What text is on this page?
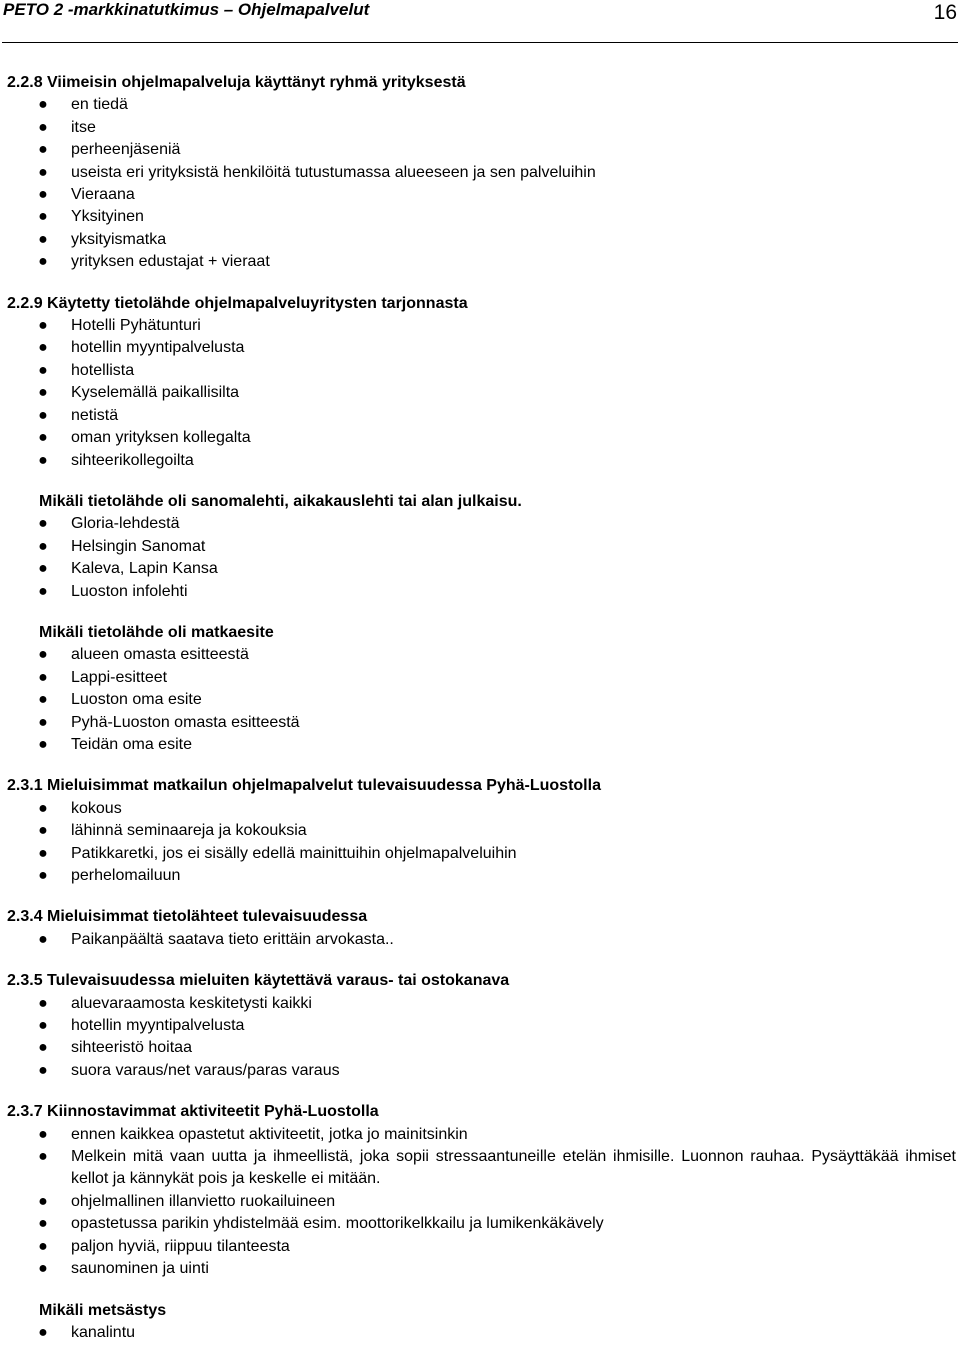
PETO 2 -markkinatutkimus – Ohjelmapalvelut	16
2.2.8 Viimeisin ohjelmapalveluja käyttänyt ryhmä yrityksestä
● en tiedä
● itse
● perheenjäseniä
● useista eri yrityksistä henkilöitä tutustumassa alueeseen ja sen palveluihin
● Vieraana
● Yksityinen
● yksityismatka
● yrityksen edustajat + vieraat
2.2.9 Käytetty tietolähde ohjelmapalveluyritysten tarjonnasta
● Hotelli Pyhätunturi
● hotellin myyntipalvelusta
● hotellista
● Kyselemällä paikallisilta
● netistä
● oman yrityksen kollegalta
● sihteerikollegoilta
Mikäli tietolähde oli sanomalehti, aikakauslehti tai alan julkaisu.
● Gloria-lehdestä
● Helsingin Sanomat
● Kaleva, Lapin Kansa
● Luoston infolehti
Mikäli tietolähde oli matkaesite
● alueen omasta esitteestä
● Lappi-esitteet
● Luoston oma esite
● Pyhä-Luoston omasta esitteestä
● Teidän oma esite
2.3.1 Mieluisimmat matkailun ohjelmapalvelut tulevaisuudessa Pyhä-Luostolla
● kokous
● lähinnä seminaareja ja kokouksia
● Patikkaretki, jos ei sisälly edellä mainittuihin ohjelmapalveluihin
● perhelomailuun
2.3.4 Mieluisimmat tietolähteet tulevaisuudessa
● Paikanpäältä saatava tieto erittäin arvokasta..
2.3.5 Tulevaisuudessa mieluiten käytettävä varaus- tai ostokanava
● aluevaraamosta keskitetysti kaikki
● hotellin myyntipalvelusta
● sihteeristö hoitaa
● suora varaus/net varaus/paras varaus
2.3.7 Kiinnostavimmat aktiviteetit Pyhä-Luostolla
● ennen kaikkea opastetut aktiviteetit, jotka jo mainitsinkin
● Melkein mitä vaan uutta ja ihmeellistä, joka sopii stressaantuneille etelän ihmisille. Luonnon rauhaa. Pysäyttäkää ihmiset kellot ja kännykät pois ja keskelle ei mitään.
● ohjelmallinen illanvietto ruokailuineen
● opastetussa parikin yhdistelmää esim. moottorikelkkailu ja lumikenkäkävely
● paljon hyviä, riippuu tilanteesta
● saunominen ja uinti
Mikäli metsästys
● kanalintu
